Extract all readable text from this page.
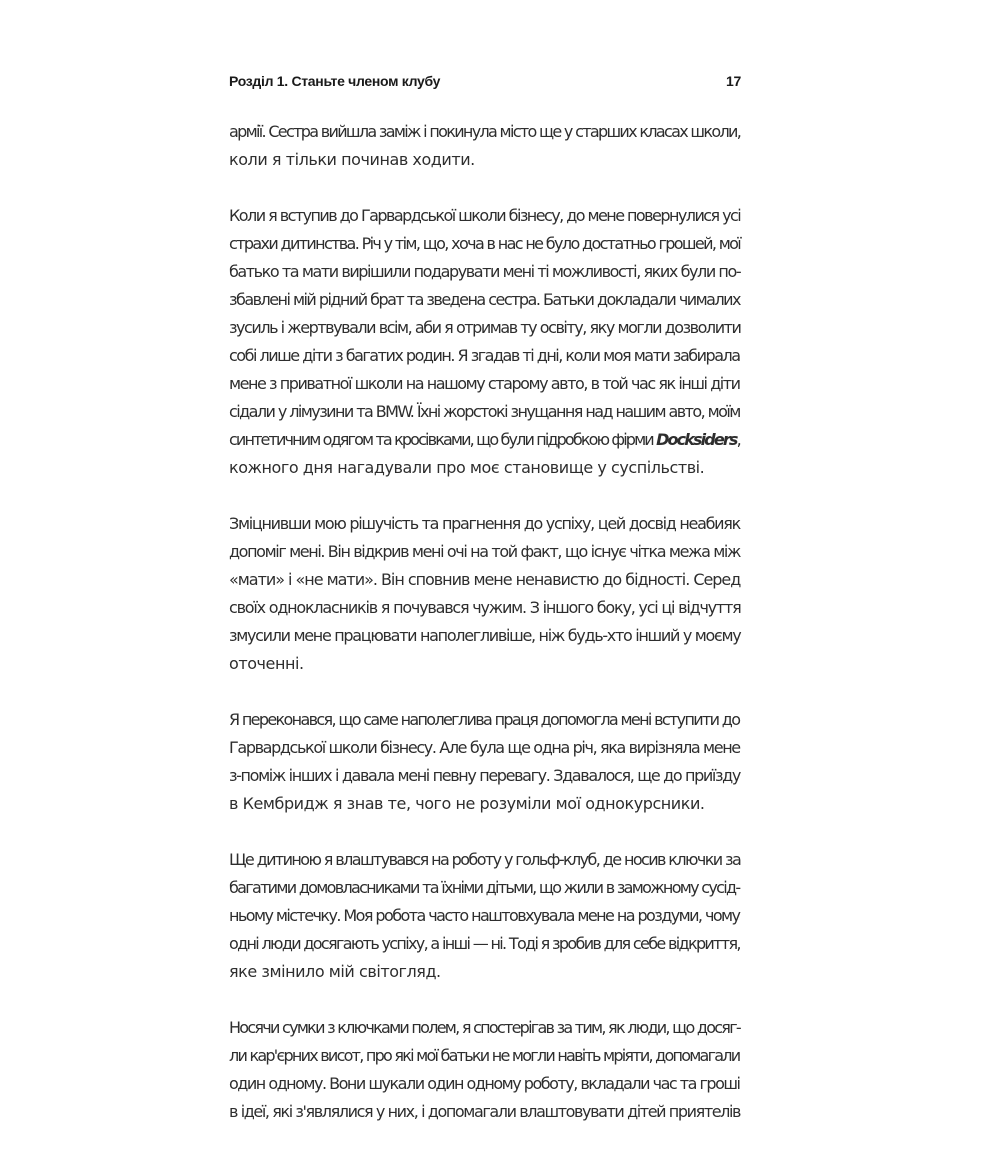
Розділ 1. Станьте членом клубу	17

армії. Сестра вийшла заміж і покинула місто ще у старших класах школи,
коли я тільки починав ходити.

Коли я вступив до Гарвардської школи бізнесу, до мене повернулися усі
страхи дитинства. Річ у тім, що, хоча в нас не було достатньо грошей, мої
батько та мати вирішили подарувати мені ті можливості, яких були по-
збавлені мій рідний брат та зведена сестра. Батьки докладали чималих
зусиль і жертвували всім, аби я отримав ту освіту, яку могли дозволити
собі лише діти з багатих родин. Я згадав ті дні, коли моя мати забирала
мене з приватної школи на нашому старому авто, в той час як інші діти
сідали у лімузини та BMW. Їхні жорстокі знущання над нашим авто, моїм
синтетичним одягом та кросівками, що були підробкою фірми Docksiders,
кожного дня нагадували про моє становище у суспільстві.

Зміцнивши мою рішучість та прагнення до успіху, цей досвід неабияк
допоміг мені. Він відкрив мені очі на той факт, що існує чітка межа між
«мати» і «не мати». Він сповнив мене ненавистю до бідності. Серед
своїх однокласників я почувався чужим. З іншого боку, усі ці відчуття
змусили мене працювати наполегливіше, ніж будь-хто інший у моєму
оточенні.

Я переконався, що саме наполеглива праця допомогла мені вступити до
Гарвардської школи бізнесу. Але була ще одна річ, яка вирізняла мене
з-поміж інших і давала мені певну перевагу. Здавалося, ще до приїзду
в Кембридж я знав те, чого не розуміли мої однокурсники.

Ще дитиною я влаштувався на роботу у гольф-клуб, де носив ключки за
багатими домовласниками та їхніми дітьми, що жили в заможному сусід-
ньому містечку. Моя робота часто наштовхувала мене на роздуми, чому
одні люди досягають успіху, а інші — ні. Тоді я зробив для себе відкриття,
яке змінило мій світогляд.

Носячи сумки з ключками полем, я спостерігав за тим, як люди, що досяг-
ли кар'єрних висот, про які мої батьки не могли навіть мріяти, допомагали
один одному. Вони шукали один одному роботу, вкладали час та гроші
в ідеї, які з'являлися у них, і допомагали влаштовувати дітей приятелів
